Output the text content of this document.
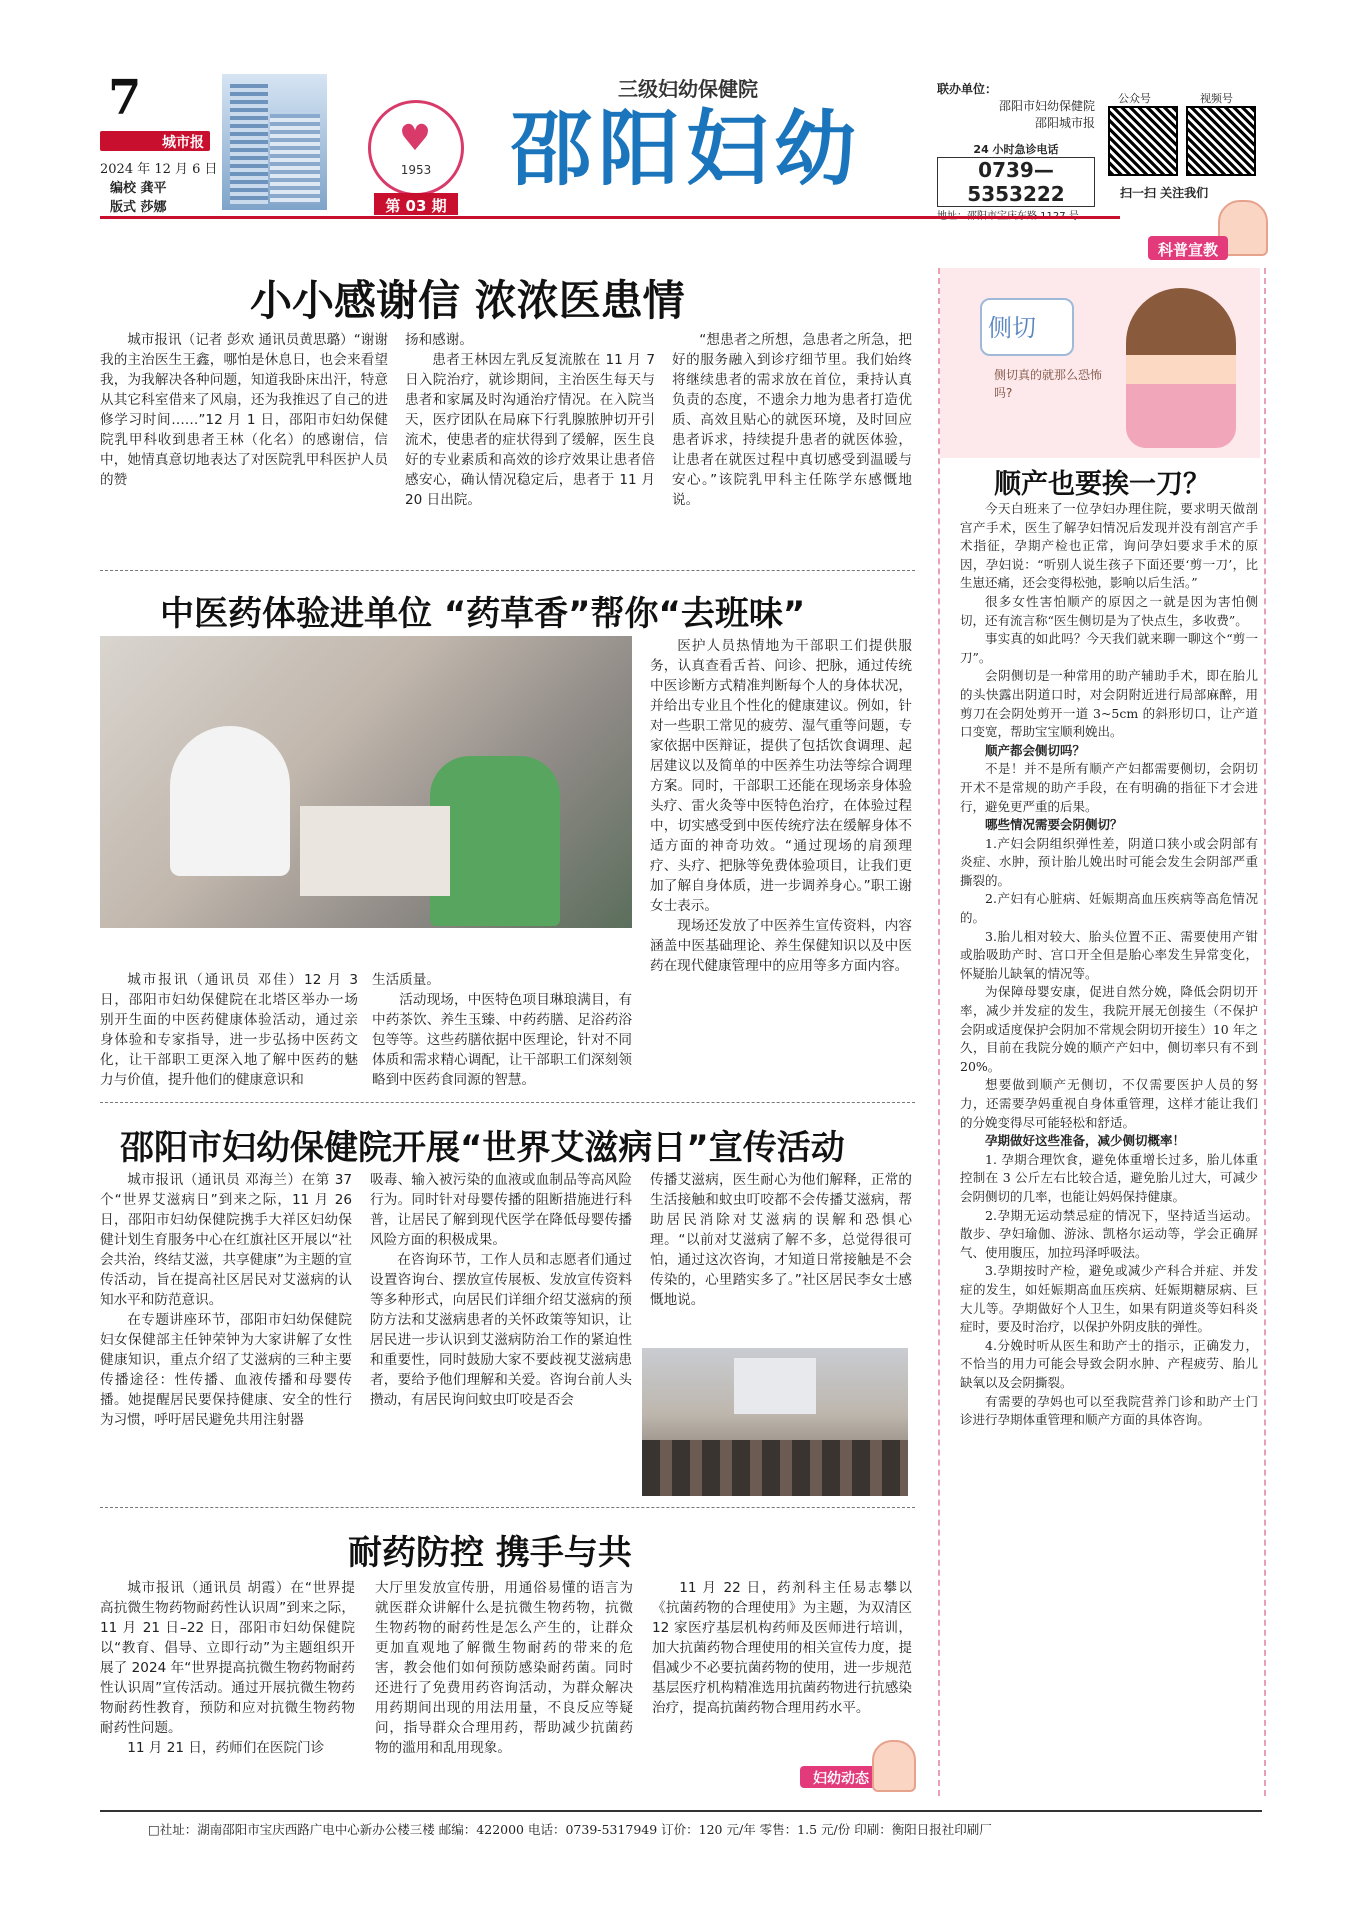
7
城市报
2024 年 12 月 6 日
编校 龚平
版式 莎娜
♥
1953
第 03 期
三级妇幼保健院
邵阳妇幼
联办单位：
邵阳市妇幼保健院
邵阳城市报
24 小时急诊电话
0739—5353222
公众号	视频号
扫一扫 关注我们
科普宣教
小小感谢信 浓浓医患情

城市报讯（记者 彭欢 通讯员黄思璐）“谢谢我的主治医生王鑫，哪怕是休息日，也会来看望我，为我解决各种问题，知道我卧床出汗，特意从其它科室借来了风扇，还为我推迟了自己的进修学习时间……”12 月 1 日，邵阳市妇幼保健院乳甲科收到患者王林（化名）的感谢信，信中，她情真意切地表达了对医院乳甲科医护人员的赞

扬和感谢。

患者王林因左乳反复流脓在 11 月 7 日入院治疗，就诊期间，主治医生每天与患者和家属及时沟通治疗情况。在入院当天，医疗团队在局麻下行乳腺脓肿切开引流术，使患者的症状得到了缓解，医生良好的专业素质和高效的诊疗效果让患者倍感安心，确认情况稳定后，患者于 11 月 20 日出院。

“想患者之所想，急患者之所急，把好的服务融入到诊疗细节里。我们始终将继续患者的需求放在首位，秉持认真负责的态度，不遗余力地为患者打造优质、高效且贴心的就医环境，及时回应患者诉求，持续提升患者的就医体验，让患者在就医过程中真切感受到温暖与安心。”该院乳甲科主任陈学东感慨地说。

中医药体验进单位 “药草香”帮你“去班味”

医护人员热情地为干部职工们提供服务，认真查看舌苔、问诊、把脉，通过传统中医诊断方式精准判断每个人的身体状况，并给出专业且个性化的健康建议。例如，针对一些职工常见的疲劳、湿气重等问题，专家依据中医辩证，提供了包括饮食调理、起居建议以及简单的中医养生功法等综合调理方案。同时，干部职工还能在现场亲身体验头疗、雷火灸等中医特色治疗，在体验过程中，切实感受到中医传统疗法在缓解身体不适方面的神奇功效。“通过现场的肩颈理疗、头疗、把脉等免费体验项目，让我们更加了解自身体质，进一步调养身心。”职工谢女士表示。

现场还发放了中医养生宣传资料，内容涵盖中医基础理论、养生保健知识以及中医药在现代健康管理中的应用等多方面内容。

城市报讯（通讯员 邓佳）12 月 3 日，邵阳市妇幼保健院在北塔区举办一场别开生面的中医药健康体验活动，通过亲身体验和专家指导，进一步弘扬中医药文化，让干部职工更深入地了解中医药的魅力与价值，提升他们的健康意识和

生活质量。

活动现场，中医特色项目琳琅满目，有中药茶饮、养生玉臻、中药药膳、足浴药浴包等等。这些药膳依据中医理论，针对不同体质和需求精心调配，让干部职工们深刻领略到中医药食同源的智慧。

邵阳市妇幼保健院开展“世界艾滋病日”宣传活动

城市报讯（通讯员 邓海兰）在第 37 个“世界艾滋病日”到来之际，11 月 26 日，邵阳市妇幼保健院携手大祥区妇幼保健计划生育服务中心在红旗社区开展以“社会共治，终结艾滋，共享健康”为主题的宣传活动，旨在提高社区居民对艾滋病的认知水平和防范意识。

在专题讲座环节，邵阳市妇幼保健院妇女保健部主任钟荣钟为大家讲解了女性健康知识，重点介绍了艾滋病的三种主要传播途径：性传播、血液传播和母婴传播。她提醒居民要保持健康、安全的性行为习惯，呼吁居民避免共用注射器

吸毒、输入被污染的血液或血制品等高风险行为。同时针对母婴传播的阻断措施进行科普，让居民了解到现代医学在降低母婴传播风险方面的积极成果。

在咨询环节，工作人员和志愿者们通过设置咨询台、摆放宣传展板、发放宣传资料等多种形式，向居民们详细介绍艾滋病的预防方法和艾滋病患者的关怀政策等知识，让居民进一步认识到艾滋病防治工作的紧迫性和重要性，同时鼓励大家不要歧视艾滋病患者，要给予他们理解和关爱。咨询台前人头攒动，有居民询问蚊虫叮咬是否会

传播艾滋病，医生耐心为他们解释，正常的生活接触和蚊虫叮咬都不会传播艾滋病，帮助居民消除对艾滋病的误解和恐惧心理。“以前对艾滋病了解不多，总觉得很可怕，通过这次咨询，才知道日常接触是不会传染的，心里踏实多了。”社区居民李女士感慨地说。

耐药防控 携手与共

城市报讯（通讯员 胡霞）在“世界提高抗微生物药物耐药性认识周”到来之际，11 月 21 日–22 日，邵阳市妇幼保健院以“教育、倡导、立即行动”为主题组织开展了 2024 年“世界提高抗微生物药物耐药性认识周”宣传活动。通过开展抗微生物药物耐药性教育，预防和应对抗微生物药物耐药性问题。

11 月 21 日，药师们在医院门诊

大厅里发放宣传册，用通俗易懂的语言为就医群众讲解什么是抗微生物药物，抗微生物药物的耐药性是怎么产生的，让群众更加直观地了解微生物耐药的带来的危害，教会他们如何预防感染耐药菌。同时还进行了免费用药咨询活动，为群众解决用药期间出现的用法用量，不良反应等疑问，指导群众合理用药，帮助减少抗菌药物的滥用和乱用现象。

11 月 22 日，药剂科主任易志攀以《抗菌药物的合理使用》为主题，为双清区 12 家医疗基层机构药师及医师进行培训，加大抗菌药物合理使用的相关宣传力度，提倡减少不必要抗菌药物的使用，进一步规范基层医疗机构精准选用抗菌药物进行抗感染治疗，提高抗菌药物合理用药水平。

妇幼动态
侧切
侧切真的就那么恐怖吗?
顺产也要挨一刀？
今天白班来了一位孕妇办理住院，要求明天做剖宫产手术，医生了解孕妇情况后发现并没有剖宫产手术指征，孕期产检也正常，询问孕妇要求手术的原因，孕妇说：“听别人说生孩子下面还要‘剪一刀’，比生崽还痛，还会变得松弛，影响以后生活。”
很多女性害怕顺产的原因之一就是因为害怕侧切，还有流言称“医生侧切是为了快点生，多收费”。
事实真的如此吗？今天我们就来聊一聊这个“剪一刀”。
会阴侧切是一种常用的助产辅助手术，即在胎儿的头快露出阴道口时，对会阴附近进行局部麻醉，用剪刀在会阴处剪开一道 3~5cm 的斜形切口，让产道口变宽，帮助宝宝顺利娩出。
顺产都会侧切吗？
不是！并不是所有顺产产妇都需要侧切，会阴切开术不是常规的助产手段，在有明确的指征下才会进行，避免更严重的后果。
哪些情况需要会阴侧切？
1.产妇会阴组织弹性差，阴道口狭小或会阴部有炎症、水肿，预计胎儿娩出时可能会发生会阴部严重撕裂的。
2.产妇有心脏病、妊娠期高血压疾病等高危情况的。
3.胎儿相对较大、胎头位置不正、需要使用产钳或胎吸助产时、宫口开全但是胎心率发生异常变化，怀疑胎儿缺氧的情况等。
为保障母婴安康，促进自然分娩，降低会阴切开率，减少并发症的发生，我院开展无创接生（不保护会阴或适度保护会阴加不常规会阴切开接生）10 年之久，目前在我院分娩的顺产产妇中，侧切率只有不到 20%。
想要做到顺产无侧切，不仅需要医护人员的努力，还需要孕妈重视自身体重管理，这样才能让我们的分娩变得尽可能轻松和舒适。
孕期做好这些准备，减少侧切概率！
1. 孕期合理饮食，避免体重增长过多，胎儿体重控制在 3 公斤左右比较合适，避免胎儿过大，可减少会阴侧切的几率，也能让妈妈保持健康。
2.孕期无运动禁忌症的情况下，坚持适当运动。散步、孕妇瑜伽、游泳、凯格尔运动等，学会正确屏气、使用腹压，加拉玛泽呼吸法。
3.孕期按时产检，避免或减少产科合并症、并发症的发生，如妊娠期高血压疾病、妊娠期糖尿病、巨大儿等。孕期做好个人卫生，如果有阴道炎等妇科炎症时，要及时治疗，以保护外阴皮肤的弹性。
4.分娩时听从医生和助产士的指示，正确发力，不恰当的用力可能会导致会阴水肿、产程疲劳、胎儿缺氧以及会阴撕裂。
有需要的孕妈也可以至我院营养门诊和助产士门诊进行孕期体重管理和顺产方面的具体咨询。
□社址：湖南邵阳市宝庆西路广电中心新办公楼三楼 邮编：422000 电话：0739-5317949 订价：120 元/年 零售：1.5 元/份 印刷：衡阳日报社印刷厂
